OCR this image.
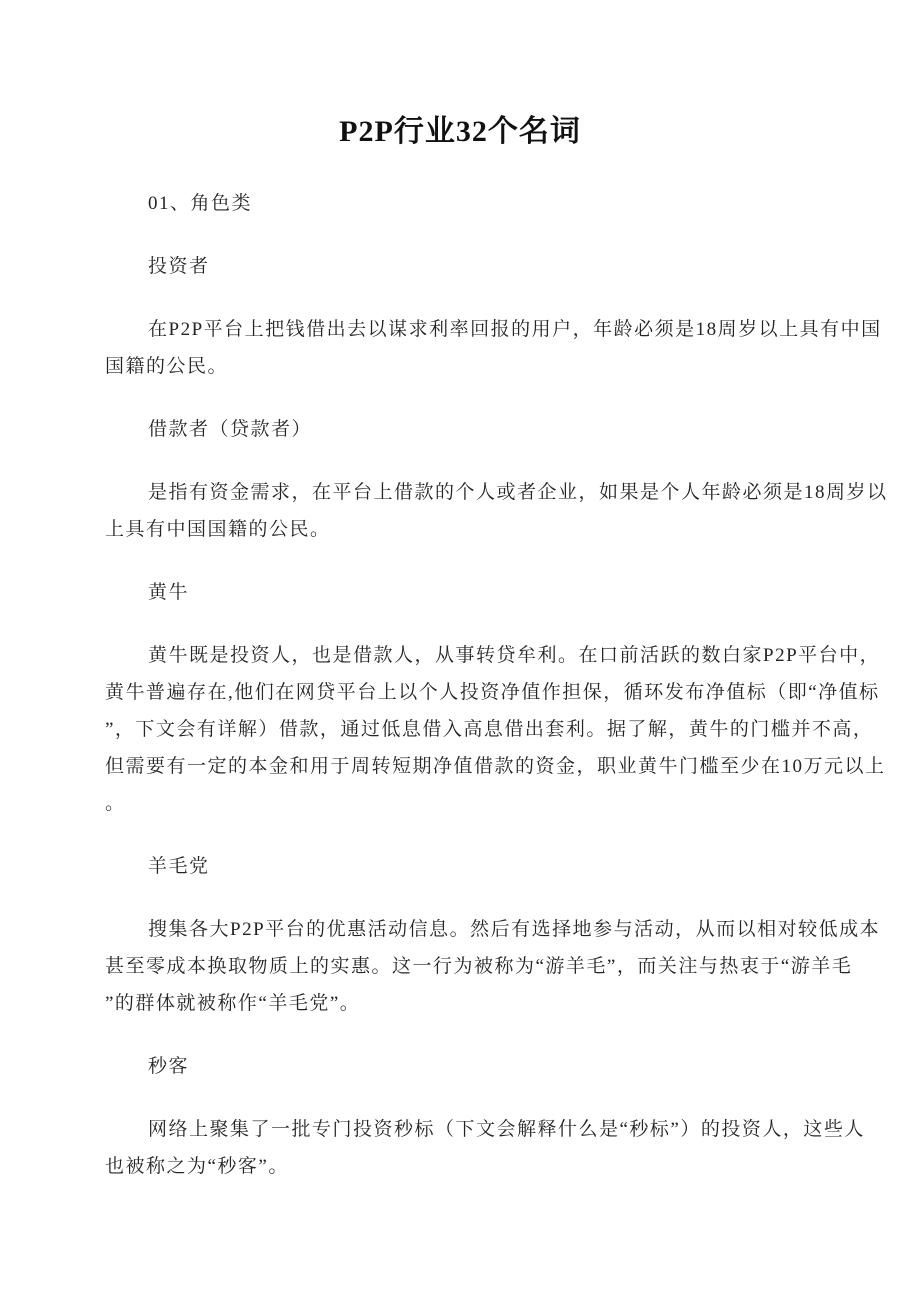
P2P行业32个名词
01、角色类
投资者
在P2P平台上把钱借出去以谋求利率回报的用户，年龄必须是18周岁以上具有中国
国籍的公民。
借款者（贷款者）
是指有资金需求，在平台上借款的个人或者企业，如果是个人年龄必须是18周岁以
上具有中国国籍的公民。
黄牛
黄牛既是投资人，也是借款人，从事转贷牟利。在口前活跃的数白家P2P平台中，
黄牛普遍存在,他们在网贷平台上以个人投资净值作担保，循环发布净值标（即“净值标
”，下文会有详解）借款，通过低息借入高息借出套利。据了解，黄牛的门槛并不高，
但需要有一定的本金和用于周转短期净值借款的资金，职业黄牛门槛至少在10万元以上
。
羊毛党
搜集各大P2P平台的优惠活动信息。然后有选择地参与活动，从而以相对较低成本
甚至零成本换取物质上的实惠。这一行为被称为“游羊毛”，而关注与热衷于“游羊毛
”的群体就被称作“羊毛党”。
秒客
网络上聚集了一批专门投资秒标（下文会解释什么是“秒标”）的投资人，这些人
也被称之为“秒客”。
